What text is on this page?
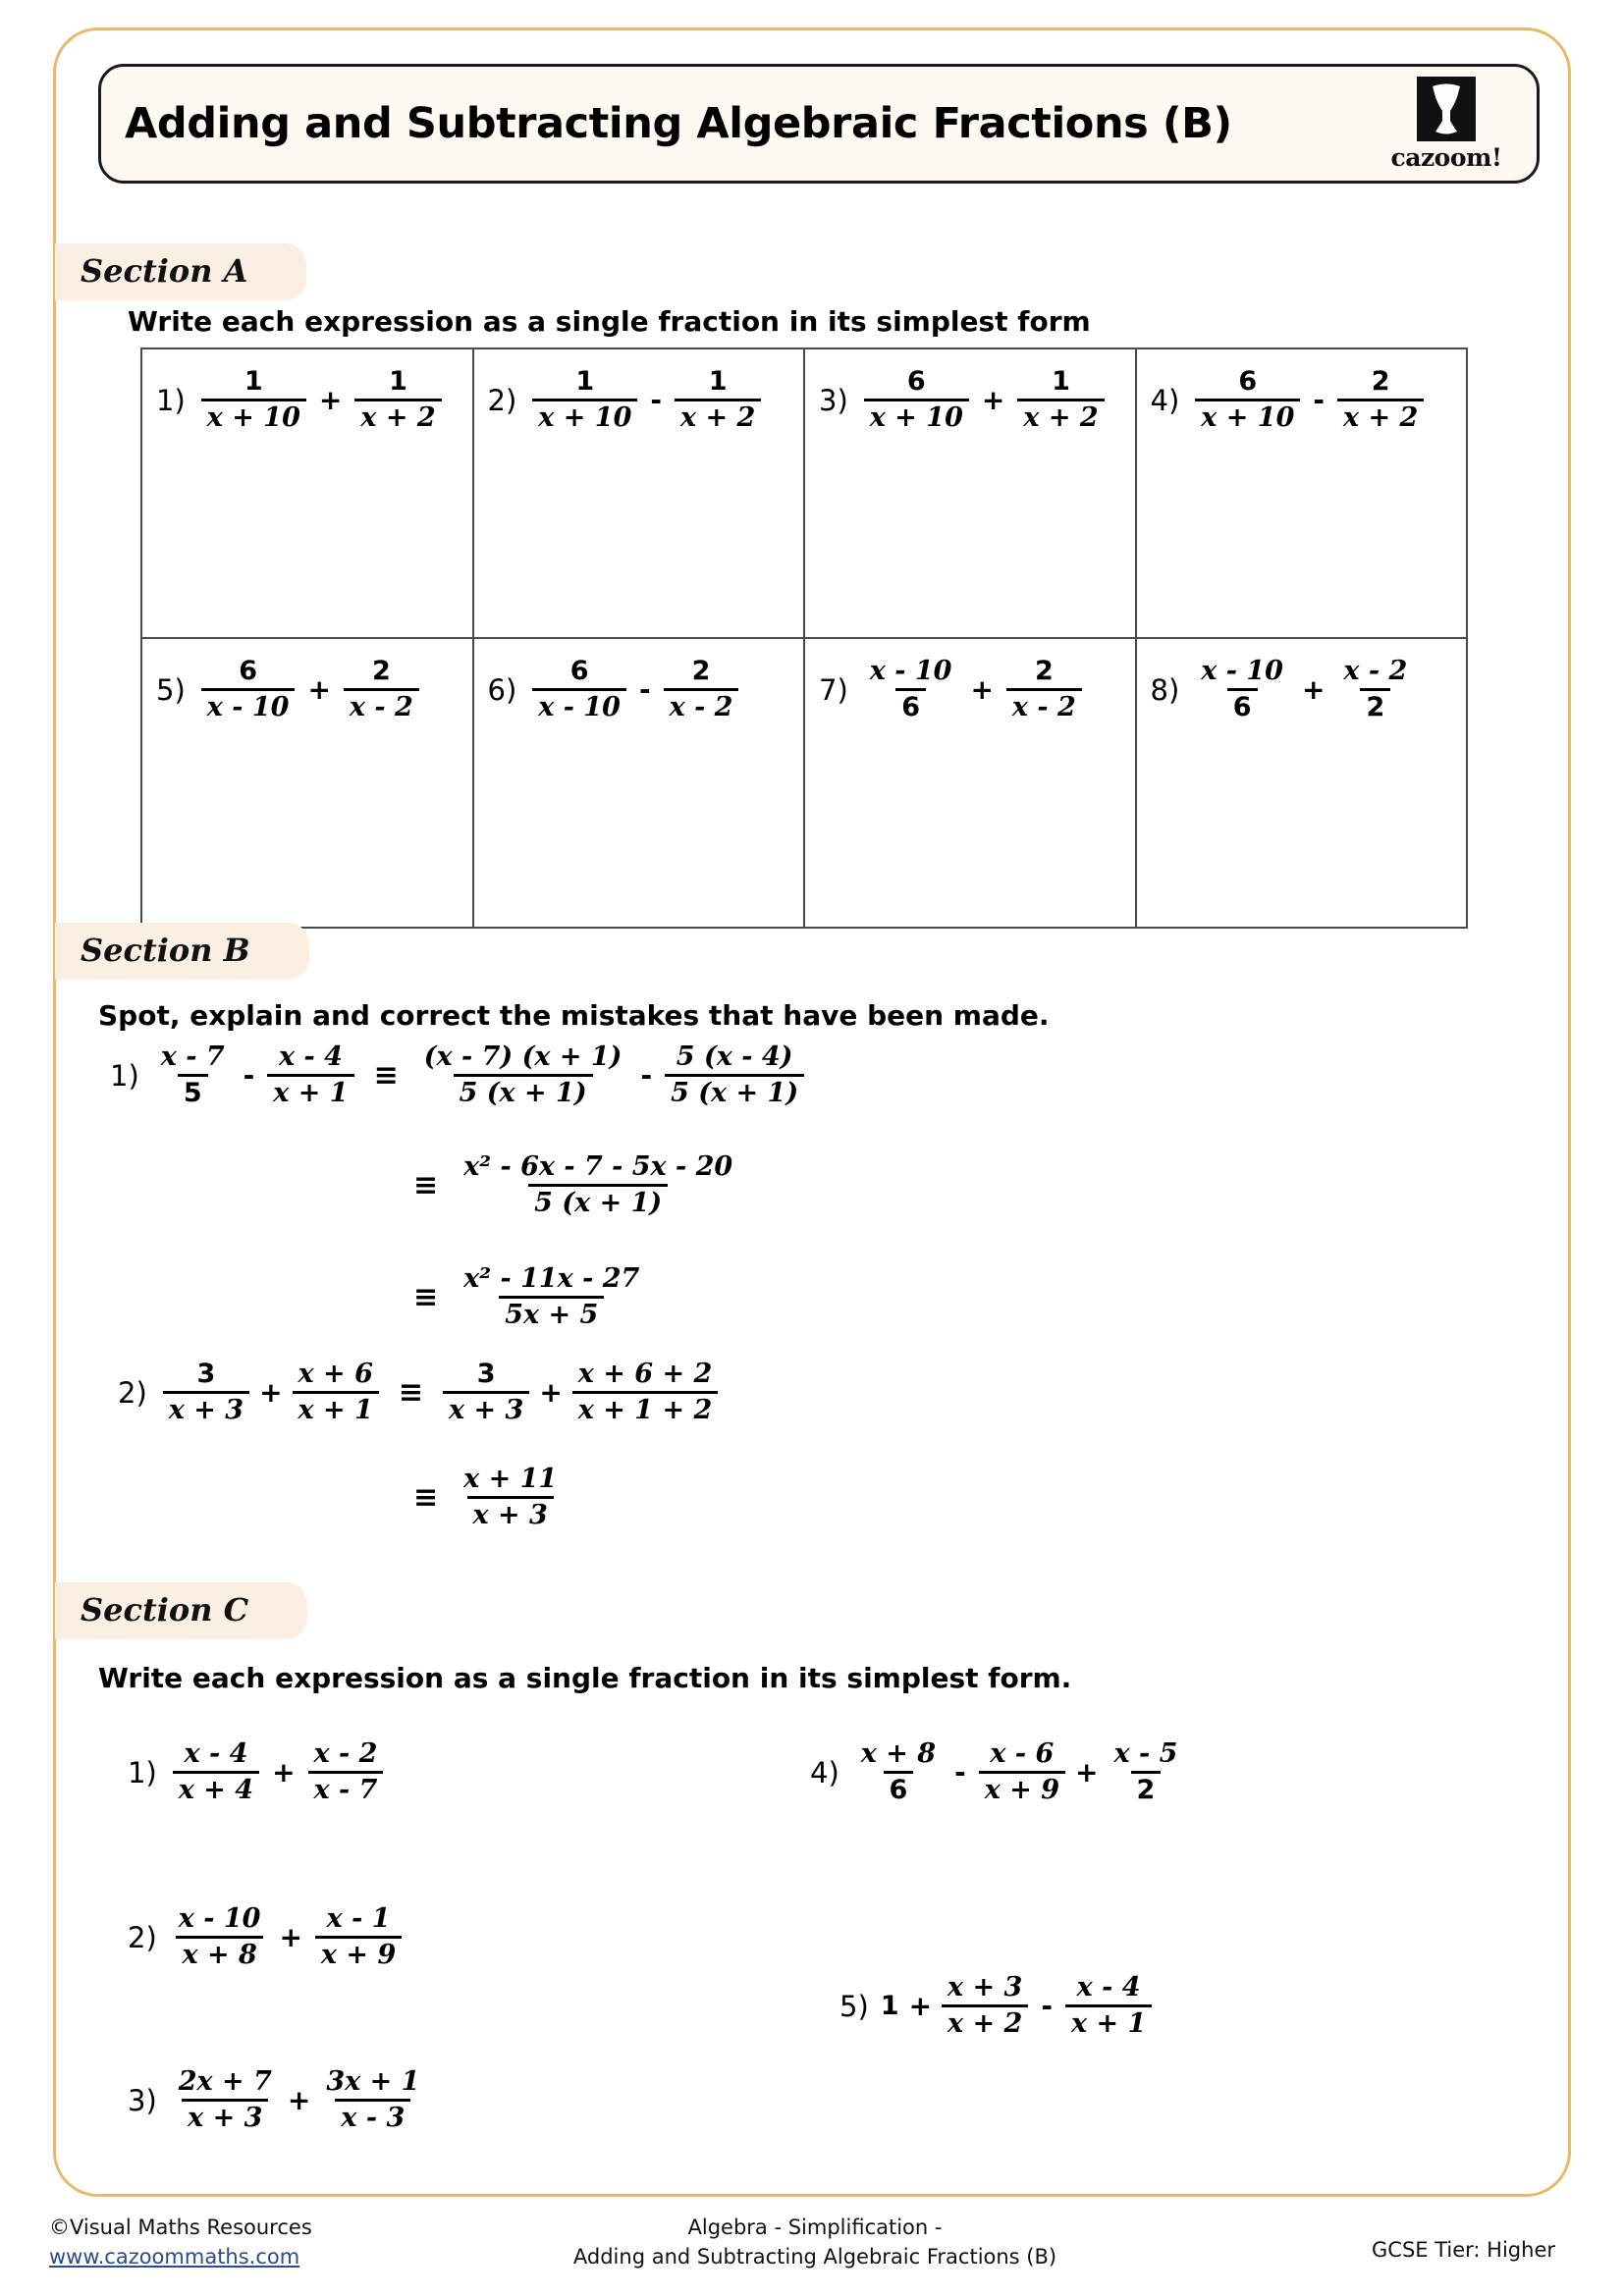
Adding and Subtracting Algebraic Fractions (B)
cazoom!
Section A
Write each expression as a single fraction in its simplest form
$1) \frac{1}{x + 10} + \frac{1}{x + 2}$	$2) \frac{1}{x + 10} - \frac{1}{x + 2}$	$3) \frac{6}{x + 10} + \frac{1}{x + 2}$	$4) \frac{6}{x + 10} - \frac{2}{x + 2}$

$5) \frac{6}{x - 10} + \frac{2}{x - 2}$	$6) \frac{6}{x - 10} - \frac{2}{x - 2}$	$7) \frac{x - 10}{6} + \frac{2}{x - 2}$	$8) \frac{x - 10}{6} + \frac{x - 2}{2}$
Section B
Spot, explain and correct the mistakes that have been made.
$1) \frac{x - 7}{5} - \frac{x - 4}{x + 1} \equiv \frac{(x - 7) (x + 1)}{5 (x + 1)} - \frac{5 (x - 4)}{5 (x + 1)}$
≡ $\frac{\text{x² - 6x - 7 - 5x - 20}}{5 (x + 1)}$
≡ $\frac{\text{x² - 11x - 27}}{5x + 5}$
$2) \frac{3}{x + 3} + \frac{x + 6}{x + 1} \equiv \frac{3}{x + 3} + \frac{x + 6 + 2}{x + 1 + 2}$
≡ $\frac{x + 11}{x + 3}$
Section C
Write each expression as a single fraction in its simplest form.
$1) \frac{x - 4}{x + 4} + \frac{x - 2}{x - 7}$
$2) \frac{x - 10}{x + 8} + \frac{x - 1}{x + 9}$
$3) \frac{2x + 7}{x + 3} + \frac{3x + 1}{x - 3}$
$4) \frac{x + 8}{6} - \frac{x - 6}{x + 9} + \frac{x - 5}{2}$
5) $1 + \frac{x + 3}{x + 2} - \frac{x - 4}{x + 1}$
©Visual Maths Resources
www.cazoommaths.com
Algebra - Simplification -
Adding and Subtracting Algebraic Fractions (B)	GCSE Tier: Higher
